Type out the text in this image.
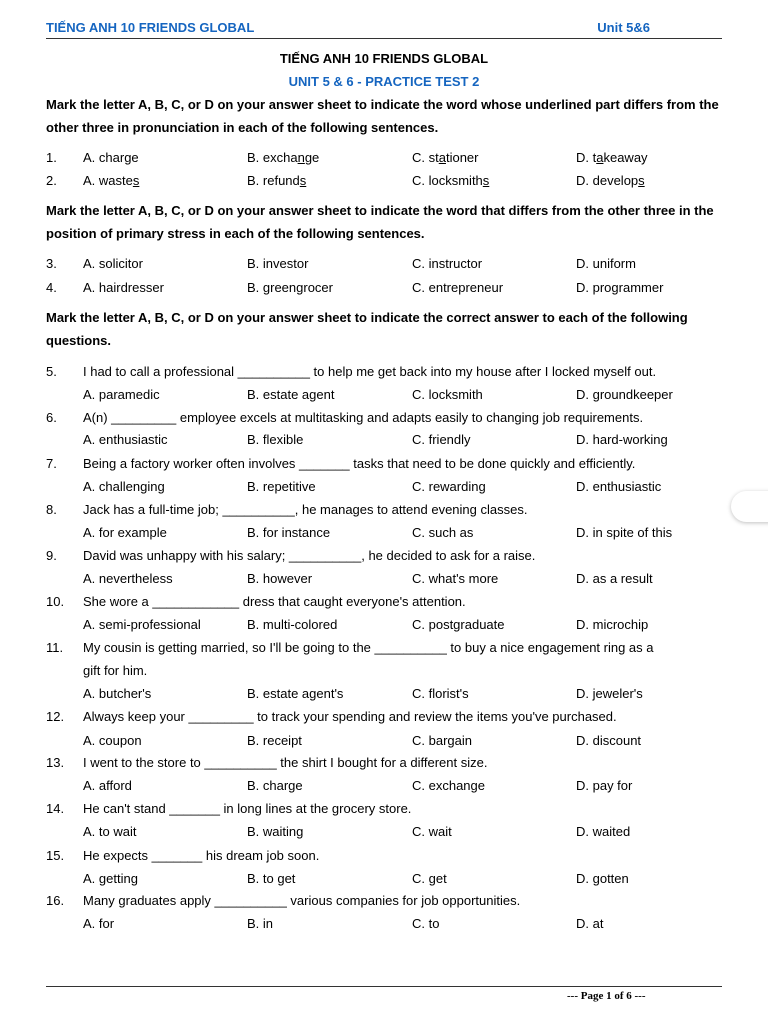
TIẾNG ANH 10 FRIENDS GLOBAL	Unit 5&6
TIẾNG ANH 10 FRIENDS GLOBAL
UNIT 5 & 6 - PRACTICE TEST 2
Mark the letter A, B, C, or D on your answer sheet to indicate the word whose underlined part differs from the other three in pronunciation in each of the following sentences.
1. A. charge	B. exchange	C. stationer	D. takeaway
2. A. wastes	B. refunds	C. locksmiths	D. develops
Mark the letter A, B, C, or D on your answer sheet to indicate the word that differs from the other three in the position of primary stress in each of the following sentences.
3. A. solicitor	B. investor	C. instructor	D. uniform
4. A. hairdresser	B. greengrocer	C. entrepreneur	D. programmer
Mark the letter A, B, C, or D on your answer sheet to indicate the correct answer to each of the following questions.
5. I had to call a professional __________ to help me get back into my house after I locked myself out.
A. paramedic	B. estate agent	C. locksmith	D. groundkeeper
6. A(n) _________ employee excels at multitasking and adapts easily to changing job requirements.
A. enthusiastic	B. flexible	C. friendly	D. hard-working
7. Being a factory worker often involves _______ tasks that need to be done quickly and efficiently.
A. challenging	B. repetitive	C. rewarding	D. enthusiastic
8. Jack has a full-time job; __________, he manages to attend evening classes.
A. for example	B. for instance	C. such as	D. in spite of this
9. David was unhappy with his salary; __________, he decided to ask for a raise.
A. nevertheless	B. however	C. what's more	D. as a result
10. She wore a ____________ dress that caught everyone's attention.
A. semi-professional	B. multi-colored	C. postgraduate	D. microchip
11. My cousin is getting married, so I'll be going to the __________ to buy a nice engagement ring as a
gift for him.
A. butcher's	B. estate agent's	C. florist's	D. jeweler's
12. Always keep your _________ to track your spending and review the items you've purchased.
A. coupon	B. receipt	C. bargain	D. discount
13. I went to the store to __________ the shirt I bought for a different size.
A. afford	B. charge	C. exchange	D. pay for
14. He can't stand _______ in long lines at the grocery store.
A. to wait	B. waiting	C. wait	D. waited
15. He expects _______ his dream job soon.
A. getting	B. to get	C. get	D. gotten
16. Many graduates apply __________ various companies for job opportunities.
A. for	B. in	C. to	D. at
--- Page 1 of 6 ---
